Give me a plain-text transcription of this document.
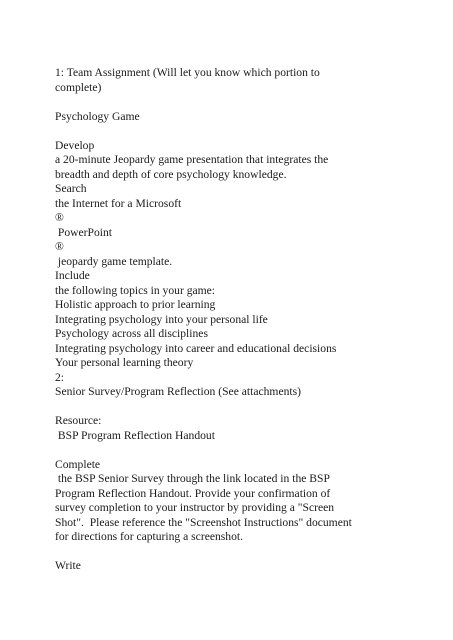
1: Team Assignment (Will let you know which portion to
complete)
Psychology Game
Develop
a 20-minute Jeopardy game presentation that integrates the
breadth and depth of core psychology knowledge.
Search
the Internet for a Microsoft
®
PowerPoint
®
jeopardy game template.
Include
the following topics in your game:
Holistic approach to prior learning
Integrating psychology into your personal life
Psychology across all disciplines
Integrating psychology into career and educational decisions
Your personal learning theory
2:
Senior Survey/Program Reflection (See attachments)
Resource:
BSP Program Reflection Handout
Complete
the BSP Senior Survey through the link located in the BSP
Program Reflection Handout. Provide your confirmation of
survey completion to your instructor by providing a "Screen
Shot".  Please reference the "Screenshot Instructions" document
for directions for capturing a screenshot.
Write
